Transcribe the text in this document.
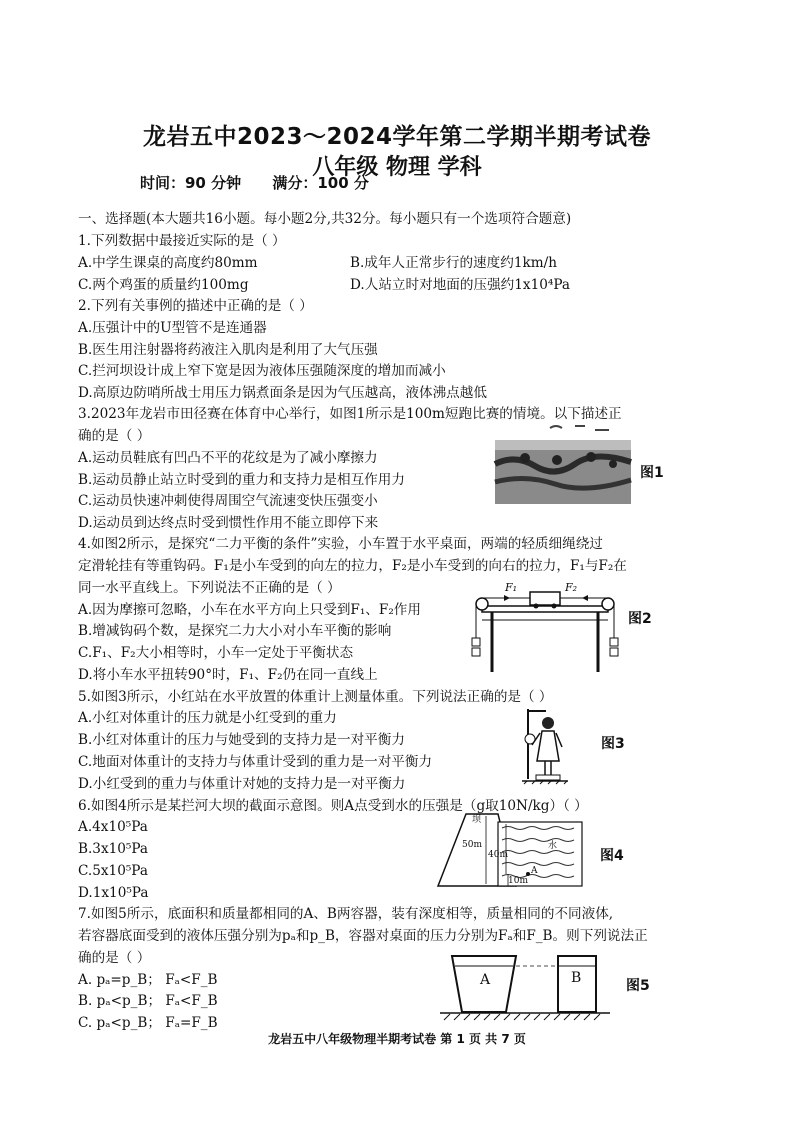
龙岩五中2023～2024学年第二学期半期考试卷
八年级 物理 学科
时间：90 分钟 满分：100 分
一、选择题(本大题共16小题。每小题2分,共32分。每小题只有一个选项符合题意)
1.下列数据中最接近实际的是（ ）
A.中学生课桌的高度约80mm	B.成年人正常步行的速度约1km/h
C.两个鸡蛋的质量约100mg	D.人站立时对地面的压强约1x10⁴Pa
2.下列有关事例的描述中正确的是（ ）
A.压强计中的U型管不是连通器
B.医生用注射器将药液注入肌肉是利用了大气压强
C.拦河坝设计成上窄下宽是因为液体压强随深度的增加而减小
D.高原边防哨所战士用压力锅煮面条是因为气压越高，液体沸点越低
3.2023年龙岩市田径赛在体育中心举行，如图1所示是100m短跑比赛的情境。以下描述正
确的是（ ）
A.运动员鞋底有凹凸不平的花纹是为了减小摩擦力
B.运动员静止站立时受到的重力和支持力是相互作用力
C.运动员快速冲刺使得周围空气流速变快压强变小
D.运动员到达终点时受到惯性作用不能立即停下来
图1
4.如图2所示，是探究“二力平衡的条件”实验，小车置于水平桌面，两端的轻质细绳绕过
定滑轮挂有等重钩码。F₁是小车受到的向左的拉力，F₂是小车受到的向右的拉力，F₁与F₂在
同一水平直线上。下列说法不正确的是（ ）
A.因为摩擦可忽略，小车在水平方向上只受到F₁、F₂作用
B.增减钩码个数，是探究二力大小对小车平衡的影响
C.F₁、F₂大小相等时，小车一定处于平衡状态
D.将小车水平扭转90°时，F₁、F₂仍在同一直线上
F₁	F₂
图2
5.如图3所示，小红站在水平放置的体重计上测量体重。下列说法正确的是（ ）
A.小红对体重计的压力就是小红受到的重力
B.小红对体重计的压力与她受到的支持力是一对平衡力
C.地面对体重计的支持力与体重计受到的重力是一对平衡力
D.小红受到的重力与体重计对她的支持力是一对平衡力
图3
6.如图4所示是某拦河大坝的截面示意图。则A点受到水的压强是（g取10N/kg）（ ）
A.4x10⁵Pa
B.3x10⁵Pa
C.5x10⁵Pa
D.1x10⁵Pa
坝
50m
40m
10m
水
A
图4
7.如图5所示，底面积和质量都相同的A、B两容器，装有深度相等，质量相同的不同液体,
若容器底面受到的液体压强分别为pₐ和p_B，容器对桌面的压力分别为Fₐ和F_B。则下列说法正
确的是（ ）
A. pₐ=p_B； Fₐ<F_B
B. pₐ<p_B； Fₐ<F_B
C. pₐ<p_B； Fₐ=F_B
A	B	图5
龙岩五中八年级物理半期考试卷 第 1 页 共 7 页
